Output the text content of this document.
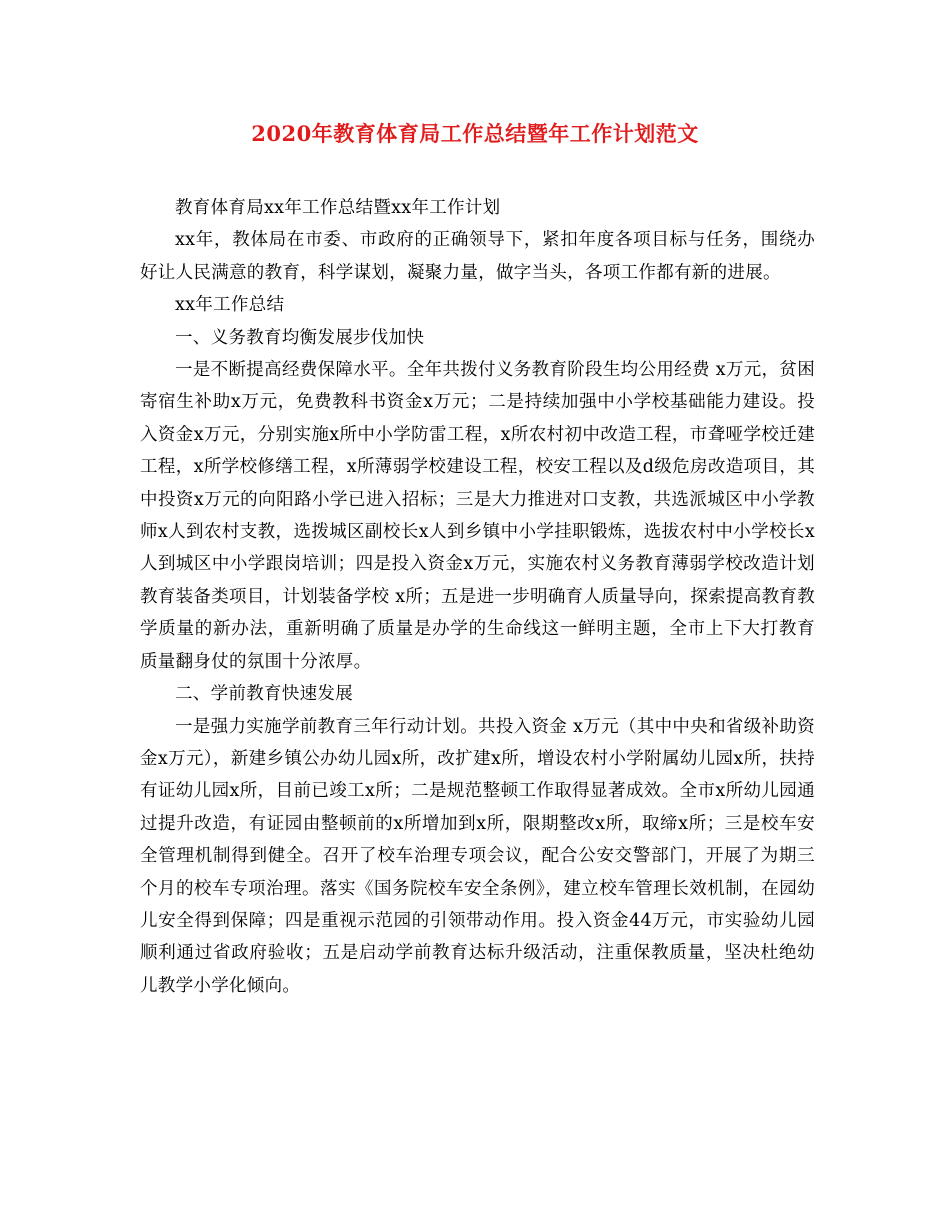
2020年教育体育局工作总结暨年工作计划范文

教育体育局xx年工作总结暨xx年工作计划

xx年，教体局在市委、市政府的正确领导下，紧扣年度各项目标与任务，围绕办好让人民满意的教育，科学谋划，凝聚力量，做字当头，各项工作都有新的进展。

xx年工作总结

一、义务教育均衡发展步伐加快

一是不断提高经费保障水平。全年共拨付义务教育阶段生均公用经费 x万元，贫困寄宿生补助x万元，免费教科书资金x万元；二是持续加强中小学校基础能力建设。投入资金x万元，分别实施x所中小学防雷工程，x所农村初中改造工程，市聋哑学校迁建工程，x所学校修缮工程，x所薄弱学校建设工程，校安工程以及d级危房改造项目，其中投资x万元的向阳路小学已进入招标；三是大力推进对口支教，共选派城区中小学教师x人到农村支教，选拨城区副校长x人到乡镇中小学挂职锻炼，选拔农村中小学校长x人到城区中小学跟岗培训；四是投入资金x万元，实施农村义务教育薄弱学校改造计划教育装备类项目，计划装备学校 x所；五是进一步明确育人质量导向，探索提高教育教学质量的新办法，重新明确了质量是办学的生命线这一鲜明主题，全市上下大打教育质量翻身仗的氛围十分浓厚。

二、学前教育快速发展

一是强力实施学前教育三年行动计划。共投入资金 x万元（其中中央和省级补助资金x万元），新建乡镇公办幼儿园x所，改扩建x所，增设农村小学附属幼儿园x所，扶持有证幼儿园x所，目前已竣工x所；二是规范整顿工作取得显著成效。全市x所幼儿园通过提升改造，有证园由整顿前的x所增加到x所，限期整改x所，取缔x所；三是校车安全管理机制得到健全。召开了校车治理专项会议，配合公安交警部门，开展了为期三个月的校车专项治理。落实《国务院校车安全条例》，建立校车管理长效机制，在园幼儿安全得到保障；四是重视示范园的引领带动作用。投入资金44万元，市实验幼儿园顺利通过省政府验收；五是启动学前教育达标升级活动，注重保教质量，坚决杜绝幼儿教学小学化倾向。
